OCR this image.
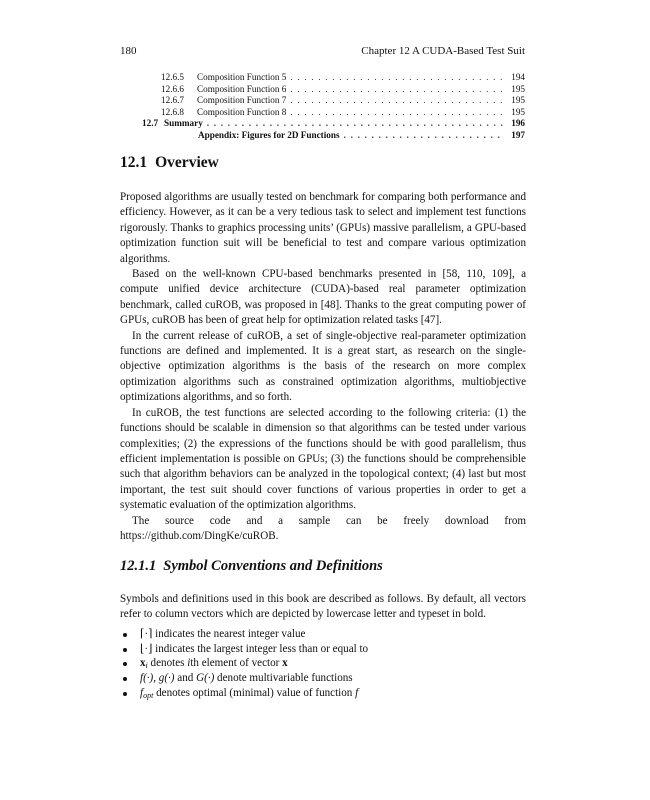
180	Chapter 12 A CUDA-Based Test Suit
12.6.5	Composition Function 5 . . .	194
12.6.6	Composition Function 6 . . .	195
12.6.7	Composition Function 7 . . .	195
12.6.8	Composition Function 8 . . .	195
12.7 Summary . . .	196
Appendix: Figures for 2D Functions . . .	197
12.1 Overview

Proposed algorithms are usually tested on benchmark for comparing both performance and efficiency. However, as it can be a very tedious task to select and implement test functions rigorously. Thanks to graphics processing units’ (GPUs) massive parallelism, a GPU-based optimization function suit will be beneficial to test and compare various optimization algorithms.

Based on the well-known CPU-based benchmarks presented in [58, 110, 109], a compute unified device architecture (CUDA)-based real parameter optimization benchmark, called cuROB, was proposed in [48]. Thanks to the great computing power of GPUs, cuROB has been of great help for optimization related tasks [47].

In the current release of cuROB, a set of single-objective real-parameter optimization functions are defined and implemented. It is a great start, as research on the single-objective optimization algorithms is the basis of the research on more complex optimization algorithms such as constrained optimization algorithms, multiobjective optimizations algorithms, and so forth.

In cuROB, the test functions are selected according to the following criteria: (1) the functions should be scalable in dimension so that algorithms can be tested under various complexities; (2) the expressions of the functions should be with good parallelism, thus efficient implementation is possible on GPUs; (3) the functions should be comprehensible such that algorithm behaviors can be analyzed in the topological context; (4) last but most important, the test suit should cover functions of various properties in order to get a systematic evaluation of the optimization algorithms.

The source code and a sample can be freely download from https://github.com/DingKe/cuROB.

12.1.1 Symbol Conventions and Definitions

Symbols and definitions used in this book are described as follows. By default, all vectors refer to column vectors which are depicted by lowercase letter and typeset in bold.

⌈·⌉ indicates the nearest integer value
⌊·⌋ indicates the largest integer less than or equal to
$x_i$ denotes ith element of vector x
f(·), g(·) and G(·) denote multivariable functions
$f_{opt}$ denotes optimal (minimal) value of function f
